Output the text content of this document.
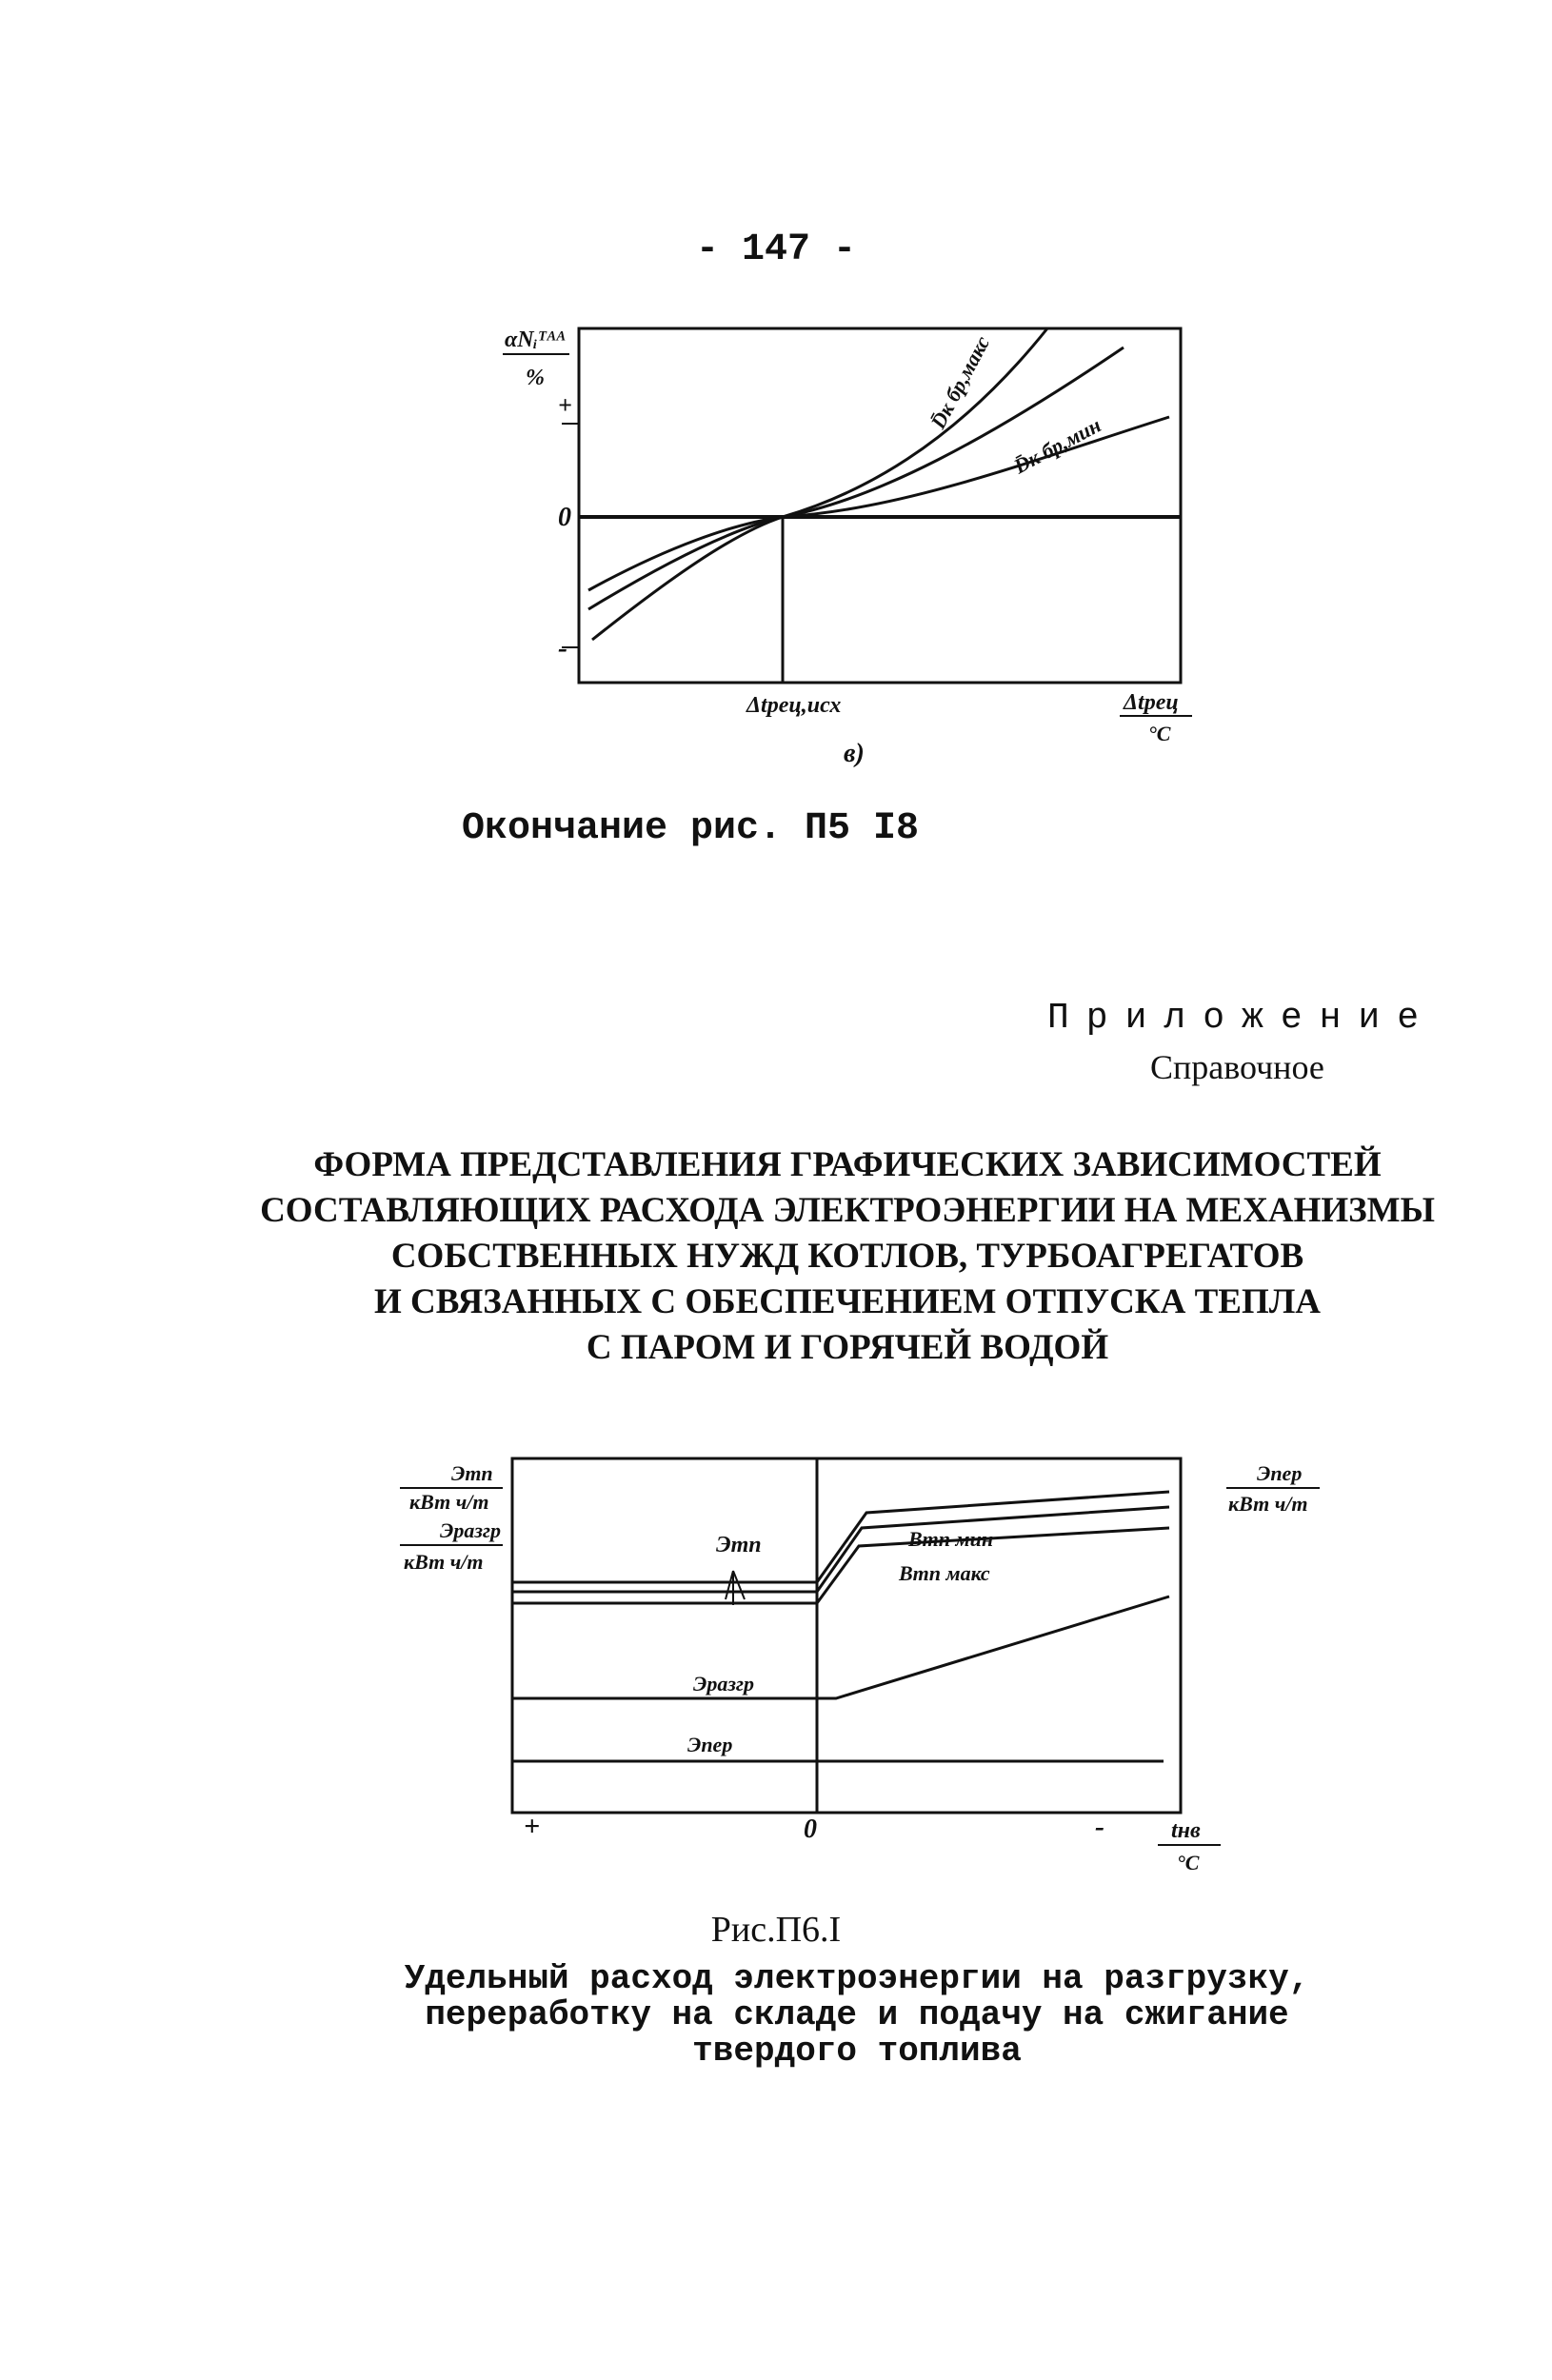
- 147 -
αNᵢᵀᴬᴬ
%
+
0
-
Δtрец,исх	Δtрец
°C
в)
D̄к бр,макс
D̄к бр,мин
Окончание рис. П5 I8
Приложение
Справочное
ФОРМА ПРЕДСТАВЛЕНИЯ ГРАФИЧЕСКИХ ЗАВИСИМОСТЕЙ
СОСТАВЛЯЮЩИХ РАСХОДА ЭЛЕКТРОЭНЕРГИИ НА МЕХАНИЗМЫ
СОБСТВЕННЫХ НУЖД КОТЛОВ, ТУРБОАГРЕГАТОВ
И СВЯЗАННЫХ С ОБЕСПЕЧЕНИЕМ ОТПУСКА ТЕПЛА
С ПАРОМ И ГОРЯЧЕЙ ВОДОЙ
Этп
кВт ч/т
Эразгр
кВт ч/т
Эпер
кВт ч/т
Этп	Bтп мин
Bтп макс
Эразгр
Эпер
+	0	-	tнв
°C
Рис.П6.I
Удельный расход электроэнергии на разгрузку,
переработку на складе и подачу на сжигание
твердого топлива
